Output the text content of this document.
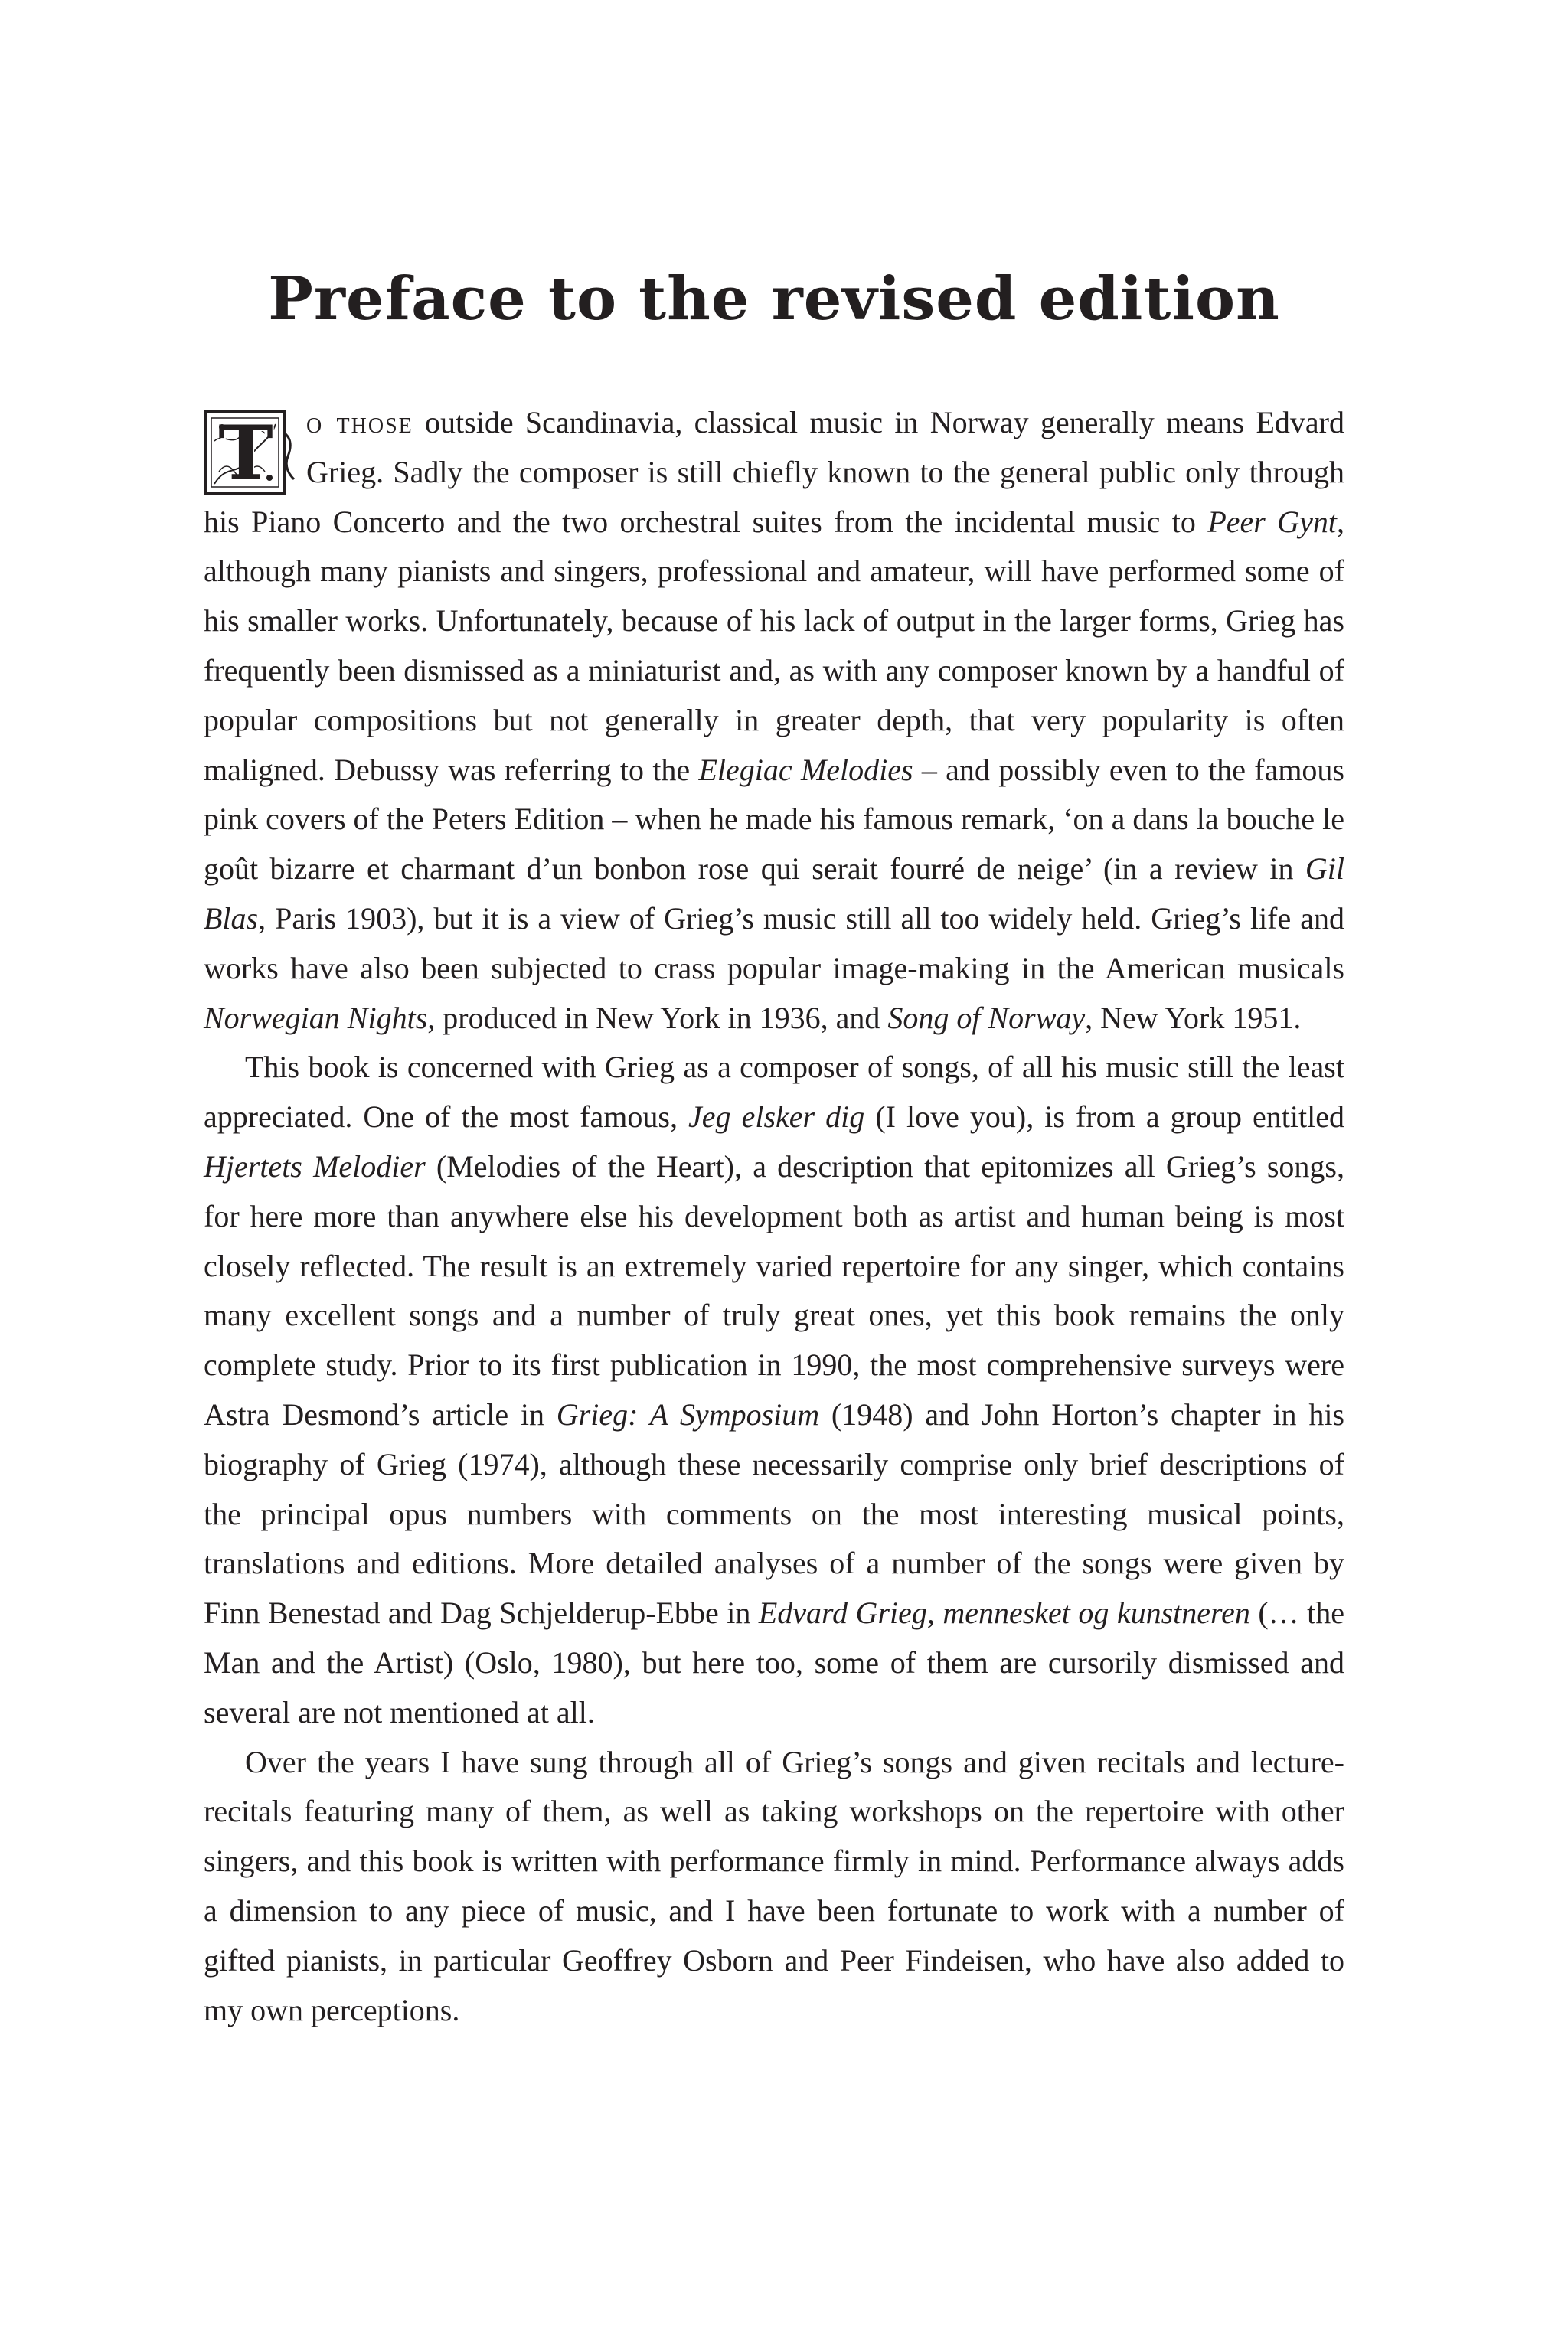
Preface to the revised edition

T	o those outside Scandinavia, classical music in Norway generally means Edvard Grieg. Sadly the composer is still chiefly known to the general public only through his Piano Concerto and the two orchestral suites from the incidental music to Peer Gynt, although many pianists and singers, professional and amateur, will have performed some of his smaller works. Unfortunately, because of his lack of output in the larger forms, Grieg has frequently been dismissed as a miniaturist and, as with any composer known by a handful of popular compositions but not generally in greater depth, that very popularity is often maligned. Debussy was referring to the Elegiac Melodies – and possibly even to the famous pink covers of the Peters Edition – when he made his famous remark, ‘on a dans la bouche le goût bizarre et charmant d’un bonbon rose qui serait fourré de neige’ (in a review in Gil Blas, Paris 1903), but it is a view of Grieg’s music still all too widely held. Grieg’s life and works have also been subjected to crass popular image-making in the American musicals Norwegian Nights, produced in New York in 1936, and Song of Norway, New York 1951.

This book is concerned with Grieg as a composer of songs, of all his music still the least appreciated. One of the most famous, Jeg elsker dig (I love you), is from a group entitled Hjertets Melodier (Melodies of the Heart), a description that epitomizes all Grieg’s songs, for here more than anywhere else his development both as artist and human being is most closely reflected. The result is an extremely varied repertoire for any singer, which contains many excellent songs and a number of truly great ones, yet this book remains the only complete study. Prior to its first publication in 1990, the most comprehensive surveys were Astra Desmond’s article in Grieg: A Symposium (1948) and John Horton’s chapter in his biography of Grieg (1974), although these necessarily comprise only brief descriptions of the principal opus numbers with comments on the most interesting musical points, translations and editions. More detailed analyses of a number of the songs were given by Finn Benestad and Dag Schjelderup-Ebbe in Edvard Grieg, mennesket og kunstneren (… the Man and the Artist) (Oslo, 1980), but here too, some of them are cursorily dismissed and several are not mentioned at all.

Over the years I have sung through all of Grieg’s songs and given recitals and lecture-recitals featuring many of them, as well as taking workshops on the repertoire with other singers, and this book is written with performance firmly in mind. Performance always adds a dimension to any piece of music, and I have been fortunate to work with a number of gifted pianists, in particular Geoffrey Osborn and Peer Findeisen, who have also added to my own perceptions.
